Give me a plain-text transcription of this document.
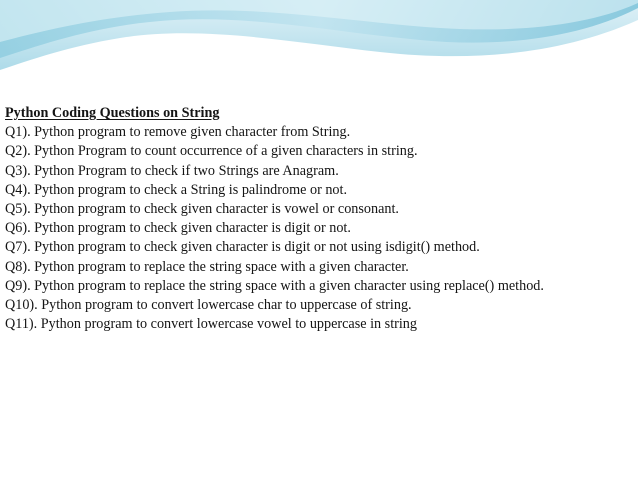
Python Coding Questions on String
Q1). Python program to remove given character from String.
Q2). Python Program to count occurrence of a given characters in string.
Q3). Python Program to check if two Strings are Anagram.
Q4). Python program to check a String is palindrome or not.
Q5). Python program to check given character is vowel or consonant.
Q6). Python program to check given character is digit or not.
Q7). Python program to check given character is digit or not using isdigit() method.
Q8). Python program to replace the string space with a given character.
Q9). Python program to replace the string space with a given character using replace() method.
Q10). Python program to convert lowercase char to uppercase of string.
Q11). Python program to convert lowercase vowel to uppercase in string
